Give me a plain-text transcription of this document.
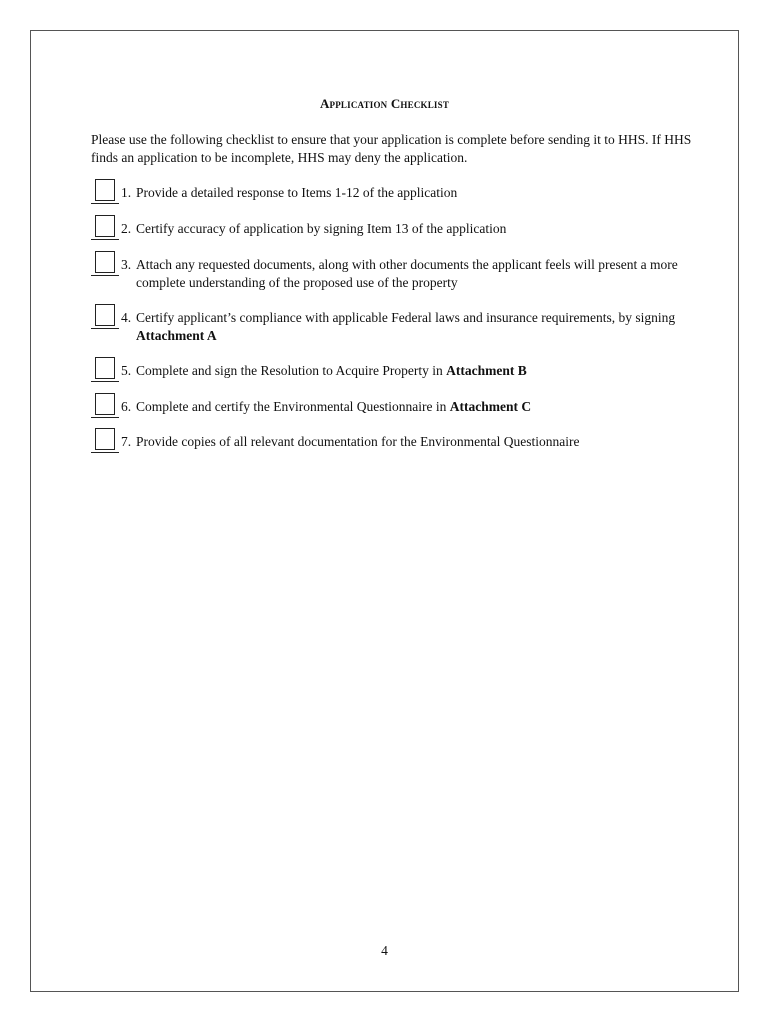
Application Checklist
Please use the following checklist to ensure that your application is complete before sending it to HHS. If HHS finds an application to be incomplete, HHS may deny the application.
1. Provide a detailed response to Items 1-12 of the application
2. Certify accuracy of application by signing Item 13 of the application
3. Attach any requested documents, along with other documents the applicant feels will present a more complete understanding of the proposed use of the property
4. Certify applicant’s compliance with applicable Federal laws and insurance requirements, by signing Attachment A
5. Complete and sign the Resolution to Acquire Property in Attachment B
6. Complete and certify the Environmental Questionnaire in Attachment C
7. Provide copies of all relevant documentation for the Environmental Questionnaire
4
